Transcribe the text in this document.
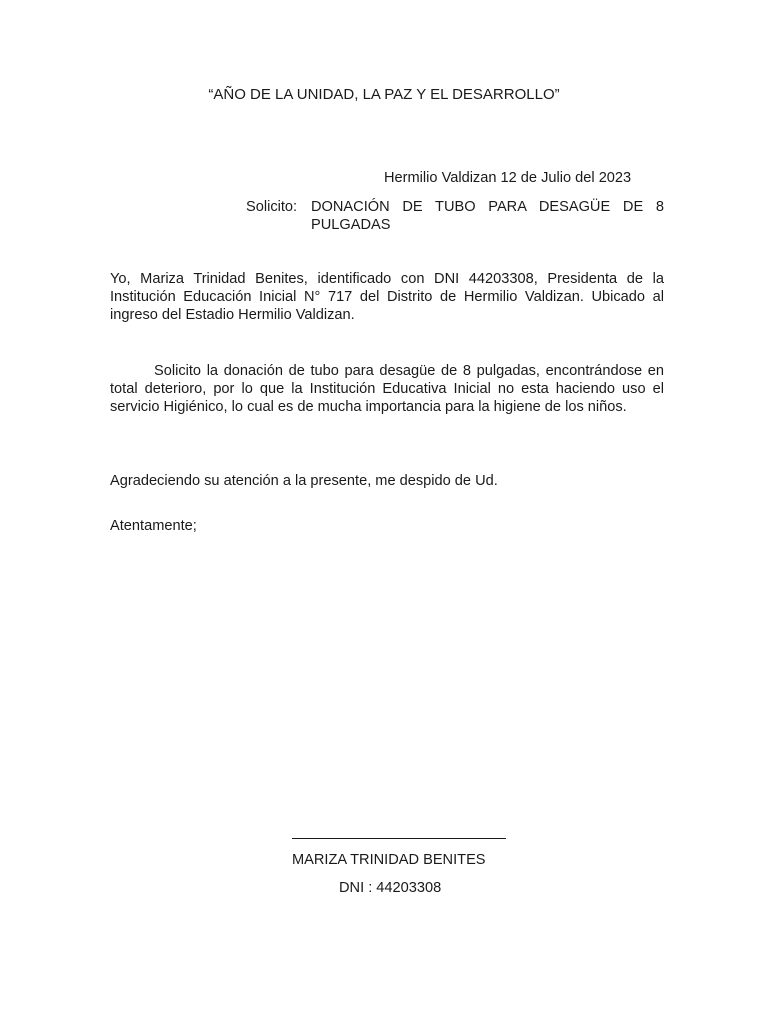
“AÑO DE LA UNIDAD, LA PAZ Y EL DESARROLLO”
Hermilio Valdizan 12 de Julio del 2023
Solicito: DONACIÓN DE TUBO PARA DESAGÜE DE 8
PULGADAS
Yo, Mariza Trinidad Benites, identificado con DNI 44203308, Presidenta de la Institución Educación Inicial N° 717 del Distrito de Hermilio Valdizan. Ubicado al ingreso del Estadio Hermilio Valdizan.
Solicito la donación de tubo para desagüe de 8 pulgadas, encontrándose en total deterioro, por lo que la Institución Educativa Inicial no esta haciendo uso el servicio Higiénico, lo cual es de mucha importancia para la higiene de los niños.
Agradeciendo su atención a la presente, me despido de Ud.
Atentamente;
MARIZA TRINIDAD BENITES
DNI : 44203308
